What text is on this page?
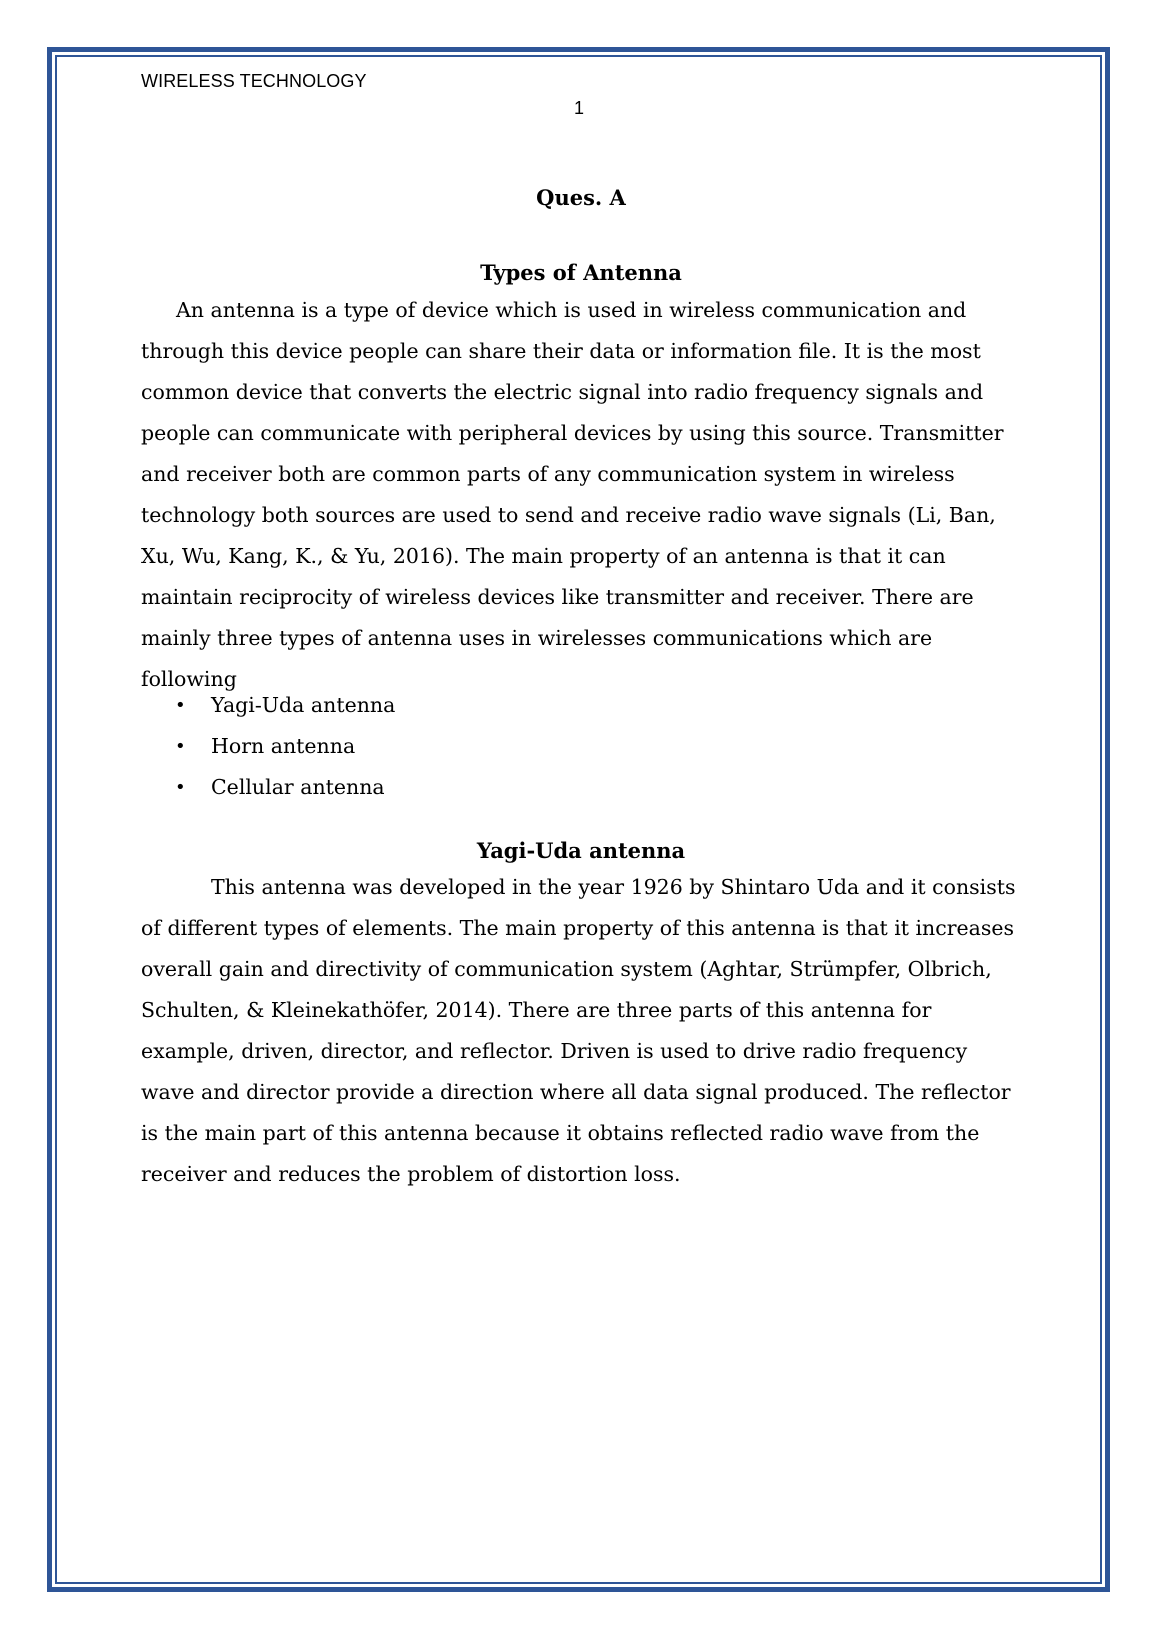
WIRELESS TECHNOLOGY
1
Ques. A
Types of Antenna

An antenna is a type of device which is used in wireless communication and through this device people can share their data or information file. It is the most common device that converts the electric signal into radio frequency signals and people can communicate with peripheral devices by using this source. Transmitter and receiver both are common parts of any communication system in wireless technology both sources are used to send and receive radio wave signals (Li, Ban, Xu, Wu, Kang, K., & Yu, 2016). The main property of an antenna is that it can maintain reciprocity of wireless devices like transmitter and receiver. There are mainly three types of antenna uses in wirelesses communications which are following

• Yagi-Uda antenna
• Horn antenna
• Cellular antenna
Yagi-Uda antenna

This antenna was developed in the year 1926 by Shintaro Uda and it consists of different types of elements. The main property of this antenna is that it increases overall gain and directivity of communication system (Aghtar, Strümpfer, Olbrich, Schulten, & Kleinekathöfer, 2014). There are three parts of this antenna for example, driven, director, and reflector. Driven is used to drive radio frequency wave and director provide a direction where all data signal produced. The reflector is the main part of this antenna because it obtains reflected radio wave from the receiver and reduces the problem of distortion loss.
